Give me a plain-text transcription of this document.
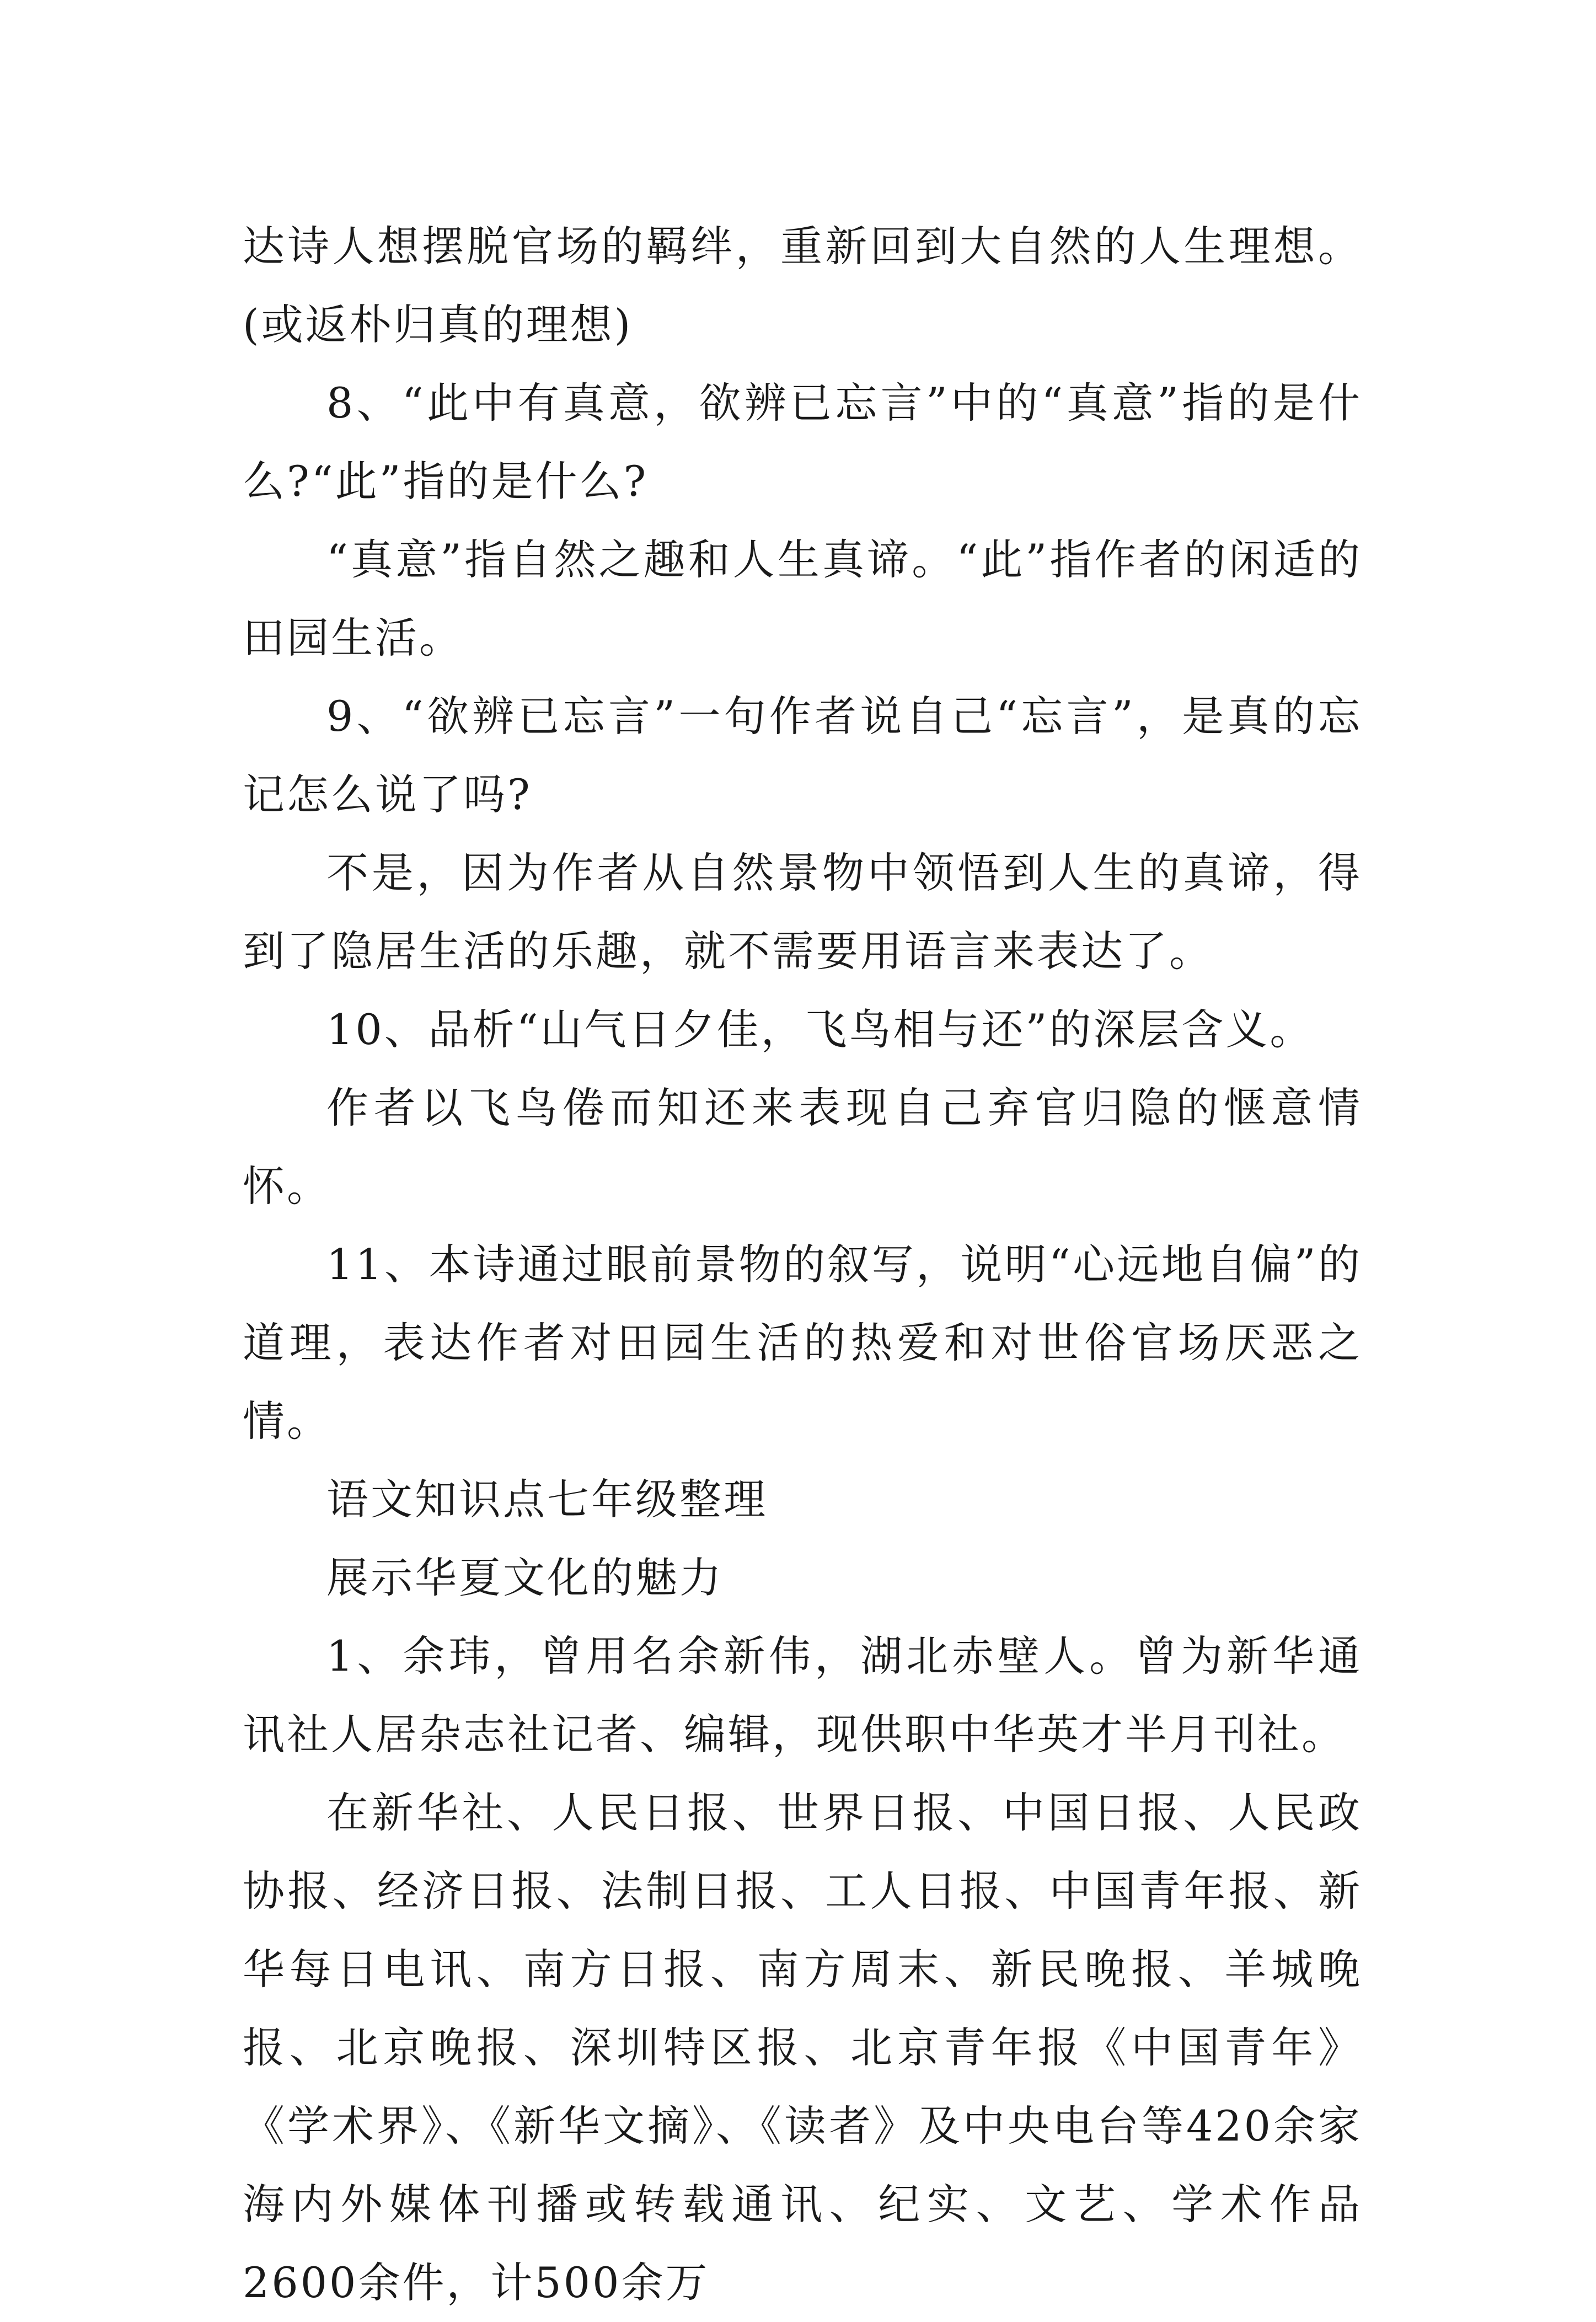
达诗人想摆脱官场的羁绊，重新回到大自然的人生理想。(或返朴归真的理想)

8、“此中有真意，欲辨已忘言”中的“真意”指的是什么?“此”指的是什么?

“真意”指自然之趣和人生真谛。“此”指作者的闲适的田园生活。

9、“欲辨已忘言”一句作者说自己“忘言”，是真的忘记怎么说了吗?

不是，因为作者从自然景物中领悟到人生的真谛，得到了隐居生活的乐趣，就不需要用语言来表达了。

10、品析“山气日夕佳，飞鸟相与还”的深层含义。

作者以飞鸟倦而知还来表现自己弃官归隐的惬意情怀。

11、本诗通过眼前景物的叙写，说明“心远地自偏”的道理，表达作者对田园生活的热爱和对世俗官场厌恶之情。

语文知识点七年级整理

展示华夏文化的魅力

1、余玮，曾用名余新伟，湖北赤壁人。曾为新华通讯社人居杂志社记者、编辑，现供职中华英才半月刊社。

在新华社、人民日报、世界日报、中国日报、人民政协报、经济日报、法制日报、工人日报、中国青年报、新华每日电讯、南方日报、南方周末、新民晚报、羊城晚报、北京晚报、深圳特区报、北京青年报《中国青年》《学术界》、《新华文摘》、《读者》及中央电台等420余家海内外媒体刊播或转载通讯、纪实、文艺、学术作品2600余件，计500余万
